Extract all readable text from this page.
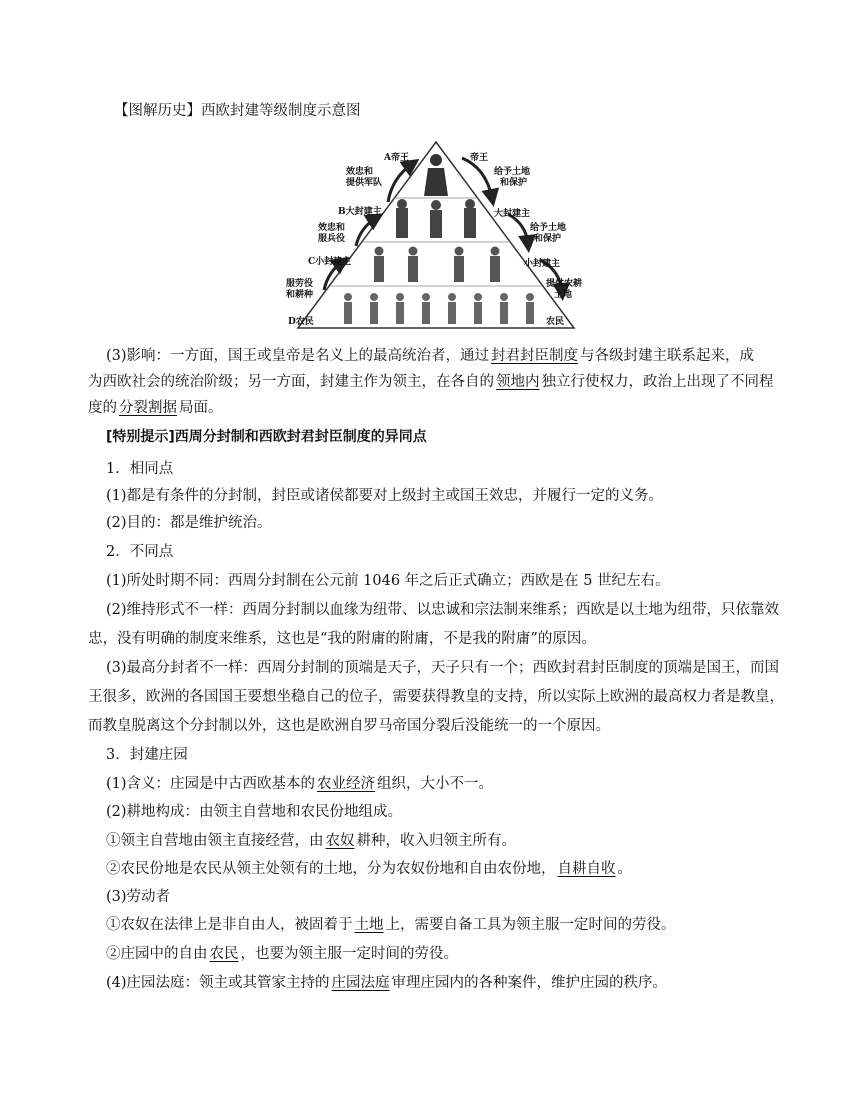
【图解历史】西欧封建等级制度示意图
A帝王
B大封建主
C小封建主
D农民
帝王
大封建主
小封建主
农民
效忠和
提供军队
效忠和
服兵役
服劳役
和耕种
给予土地
和保护
给予土地
和保护
提供农耕
土地
(3)影响：一方面，国王或皇帝是名义上的最高统治者，通过 封君封臣制度 与各级封建主联系起来，成
为西欧社会的统治阶级；另一方面，封建主作为领主，在各自的 领地内 独立行使权力，政治上出现了不同程
度的 分裂割据 局面。
[特别提示]西周分封制和西欧封君封臣制度的异同点
1．相同点
(1)都是有条件的分封制，封臣或诸侯都要对上级封主或国王效忠，并履行一定的义务。
(2)目的：都是维护统治。
2．不同点
(1)所处时期不同：西周分封制在公元前 1046 年之后正式确立；西欧是在 5 世纪左右。
(2)维持形式不一样：西周分封制以血缘为纽带、以忠诚和宗法制来维系；西欧是以土地为纽带，只依靠效
忠，没有明确的制度来维系，这也是“我的附庸的附庸，不是我的附庸”的原因。
(3)最高分封者不一样：西周分封制的顶端是天子，天子只有一个；西欧封君封臣制度的顶端是国王，而国
王很多，欧洲的各国国王要想坐稳自己的位子，需要获得教皇的支持，所以实际上欧洲的最高权力者是教皇，
而教皇脱离这个分封制以外，这也是欧洲自罗马帝国分裂后没能统一的一个原因。
3．封建庄园
(1)含义：庄园是中古西欧基本的 农业经济 组织，大小不一。
(2)耕地构成：由领主自营地和农民份地组成。
①领主自营地由领主直接经营，由 农奴 耕种，收入归领主所有。
②农民份地是农民从领主处领有的土地，分为农奴份地和自由农份地， 自耕自收 。
(3)劳动者
①农奴在法律上是非自由人，被固着于 土地 上，需要自备工具为领主服一定时间的劳役。
②庄园中的自由 农民 ，也要为领主服一定时间的劳役。
(4)庄园法庭：领主或其管家主持的 庄园法庭 审理庄园内的各种案件，维护庄园的秩序。
